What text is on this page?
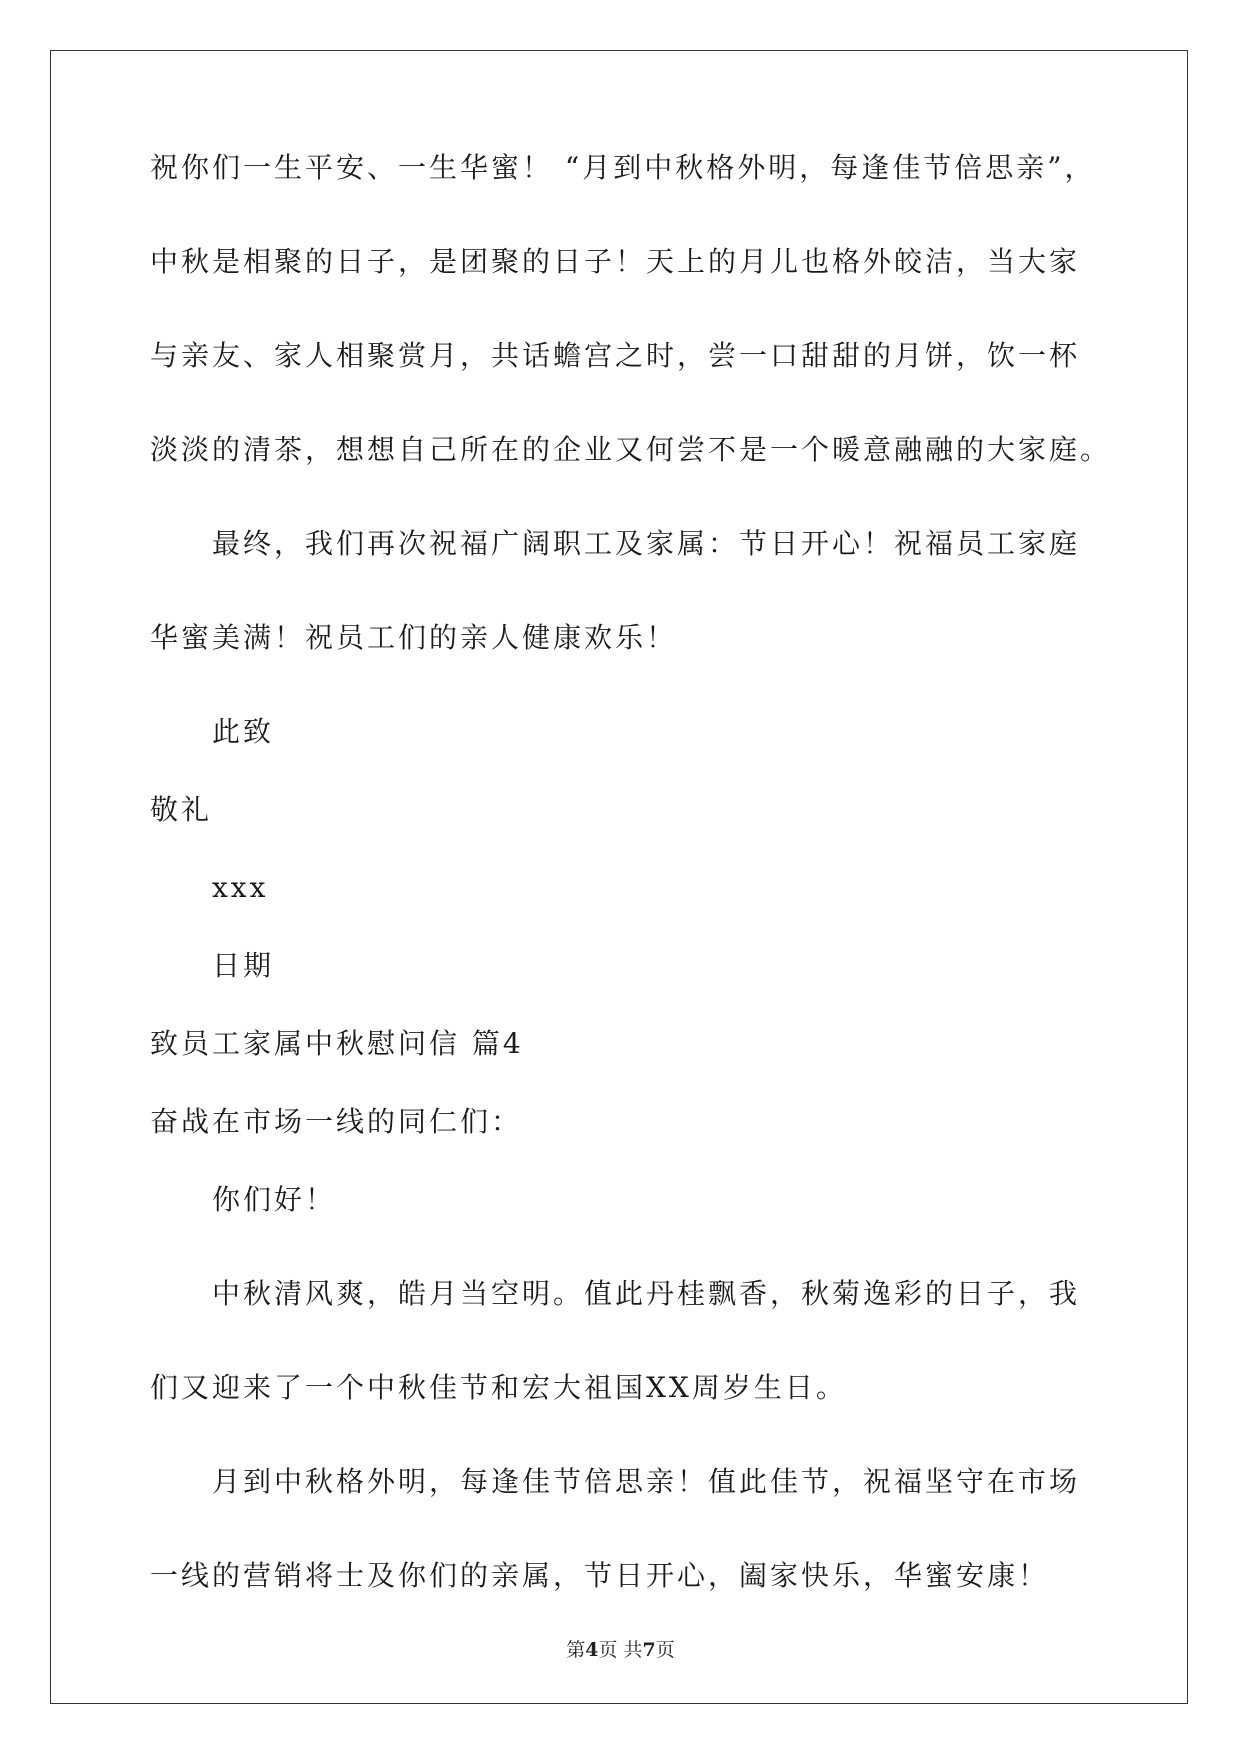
祝你们一生平安、一生华蜜！ “月到中秋格外明，每逢佳节倍思亲”，
中秋是相聚的日子，是团聚的日子！天上的月儿也格外皎洁，当大家
与亲友、家人相聚赏月，共话蟾宫之时，尝一口甜甜的月饼，饮一杯
淡淡的清茶，想想自己所在的企业又何尝不是一个暖意融融的大家庭。
最终，我们再次祝福广阔职工及家属：节日开心！祝福员工家庭
华蜜美满！祝员工们的亲人健康欢乐！
此致
敬礼
xxx
日期
致员工家属中秋慰问信 篇4
奋战在市场一线的同仁们：
你们好！
中秋清风爽，皓月当空明。值此丹桂飘香，秋菊逸彩的日子，我
们又迎来了一个中秋佳节和宏大祖国XX周岁生日。
月到中秋格外明，每逢佳节倍思亲！值此佳节，祝福坚守在市场
一线的营销将士及你们的亲属，节日开心，阖家快乐，华蜜安康！
第4页 共7页
